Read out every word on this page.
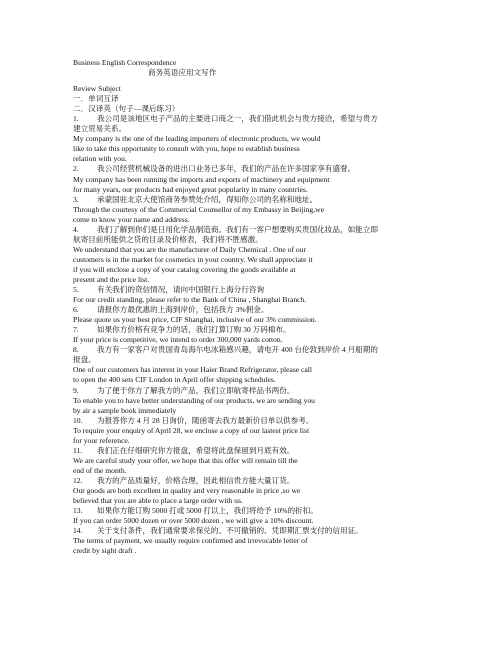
Business English Correspondence
商务英语应用文写作
Review Subject
一．单词互译
二．汉译英（句子—课后练习）
1. 我公司是该地区电子产品的主要进口商之一，我们借此机会与贵方接洽，希望与贵方
建立贸易关系。
My company is the one of the leading importers of electronic products, we would
like to take this opportunity to consult with you, hope to establish business
relation with you.
2. 我公司经营机械设备的进出口业务已多年，我们的产品在许多国家享有盛誉。
My company has been running the imports and exports of machinery and equipment
for many years, our products had enjoyed great popularity in many countries.
3. 承蒙国驻北京大使馆商务参赞处介绍，得知你公司的名称和地址。
Through the courtesy of the Commercial Counsellor of my Embassy in Beijing,we
come to know your name and address.
4. 我们了解到你们是日用化学品制造商。我们有一客户想要购买贵国化妆品，如能立即
航寄目前所能供之货的目录及价格表，我们将不胜感激。
We understand that you are the manufacturer of Daily Chemical . One of our
customers is in the market for cosmetics in your country. We shall appreciate it
if you will enclose a copy of your catalog covering the goods available at
present and the price list.
5. 有关我们的资信情况，请向中国银行上海分行咨询
For our credit standing, please refer to the Bank of China , Shanghai Branch.
6. 请报你方最优惠的上海到岸价，包括我方 3%佣金。
Please quote us your best price, CIF Shanghai, inclusive of our 3% commission.
7. 如果你方价格有竞争力的话，我们打算订购 30 万码棉布。
If your price is competitive, we intend to order 300,000 yards cotton.
8. 我方有一家客户对贵国青岛海尔电冰箱感兴趣，请电开 400 台伦敦到岸价 4 月船期的
报盘。
One of our customers has interest in your Haier Brand Refrigerator, please call
to open the 400 sets CIF London in April offer shipping schedules.
9. 为了便于你方了解我方的产品，我们立即航寄样品书两份。
To enable you to have better understanding of our products, we are sending you
by air a sample book immediately
10. 为报答你方 4 月 28 日询价，随函寄去我方最新价目单以供参考。
To require your enquiry of April 28, we enclose a copy of our lastest price list
for your reference.
11. 我们正在仔细研究你方报盘，希望将此盘保留到月底有效。
We are careful study your offer, we hope that this offer will remain till the
end of the month.
12. 我方的产品质量好，价格合理，因此相信贵方能大量订货。
Our goods are both excellent in quality and very reasonable in price ,so we
believed that you are able to place a large order with us.
13. 如果你方能订购 5000 打或 5000 打以上，我们将给予 10%的折扣。
If you can order 5000 dozen or over 5000 dozen , we will give a 10% discount.
14. 关于支付条件，我们通常要求保兑的、不可撤销的、凭即期汇票支付的信用证。
The terms of payment, we usually require confirmed and irrevocable letter of
credit by sight draft .
